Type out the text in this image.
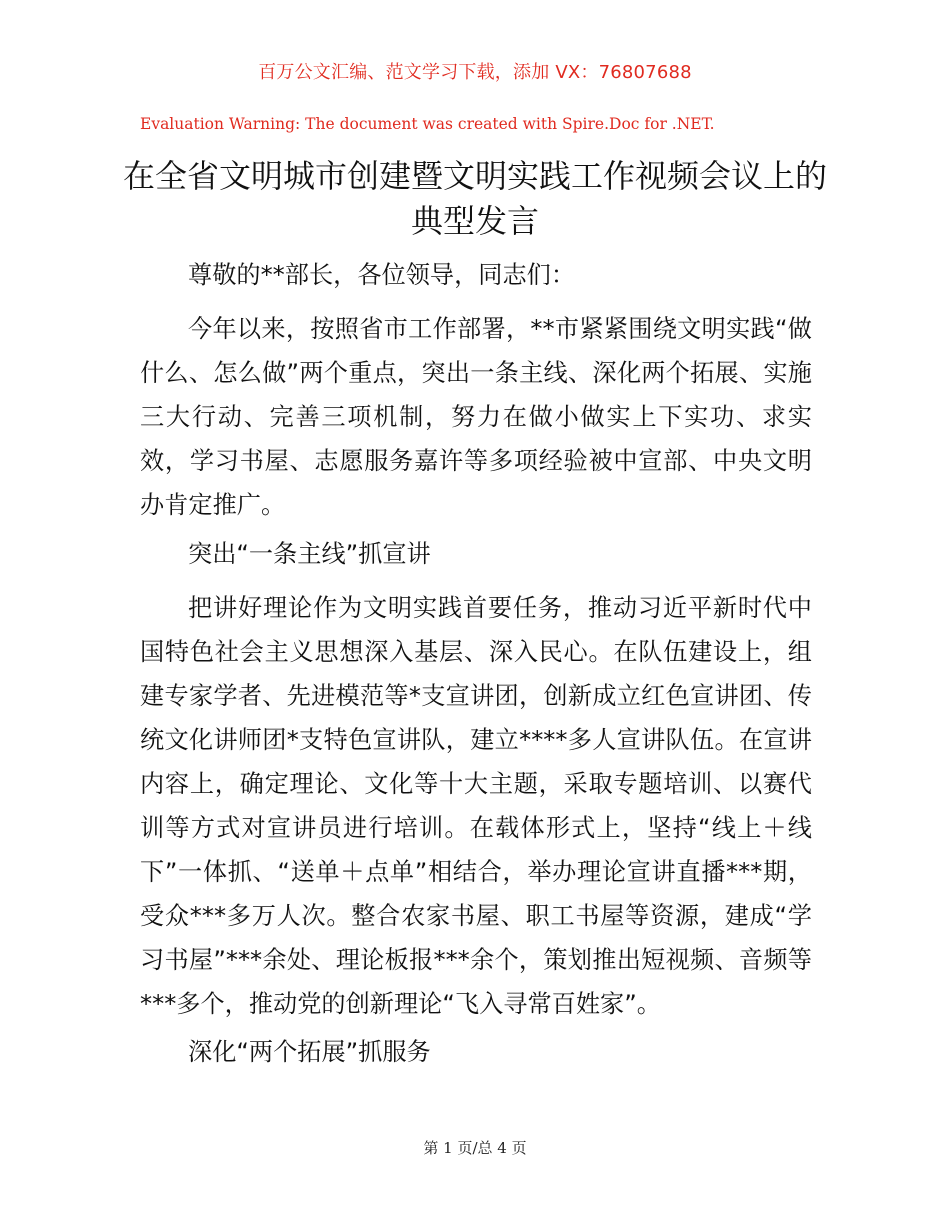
百万公文汇编、范文学习下载，添加 VX：76807688
Evaluation Warning: The document was created with Spire.Doc for .NET.
在全省文明城市创建暨文明实践工作视频会议上的典型发言

尊敬的**部长，各位领导，同志们：

今年以来，按照省市工作部署，**市紧紧围绕文明实践“做什么、怎么做”两个重点，突出一条主线、深化两个拓展、实施三大行动、完善三项机制，努力在做小做实上下实功、求实效，学习书屋、志愿服务嘉许等多项经验被中宣部、中央文明办肯定推广。

突出“一条主线”抓宣讲

把讲好理论作为文明实践首要任务，推动习近平新时代中国特色社会主义思想深入基层、深入民心。在队伍建设上，组建专家学者、先进模范等*支宣讲团，创新成立红色宣讲团、传统文化讲师团*支特色宣讲队，建立****多人宣讲队伍。在宣讲内容上，确定理论、文化等十大主题，采取专题培训、以赛代训等方式对宣讲员进行培训。在载体形式上，坚持“线上＋线下”一体抓、“送单＋点单”相结合，举办理论宣讲直播***期，受众***多万人次。整合农家书屋、职工书屋等资源，建成“学习书屋”***余处、理论板报***余个，策划推出短视频、音频等***多个，推动党的创新理论“飞入寻常百姓家”。

深化“两个拓展”抓服务

第 1 页/总 4 页
